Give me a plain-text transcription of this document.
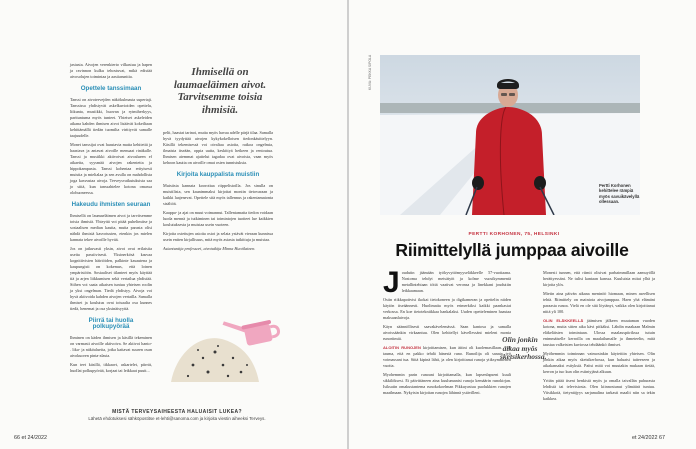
jastusta. Aivojen verenkierto vilkastuu ja hapen ja ravinnon kulku tehostuvat, mikä edistää aivosolujen toimintaa ja aastiarunttia.

Opettele tanssimaan

Tanssi on aivotervejden näkökulmasta supertaji. Tanssissa yhdistyvät askelkuvioiden opettelu, liikunta, musiikki, huovan ja rytmiherkyys, parituntuma myös tunteet. Yhteiset askeleiden aikana kahden ihmisen aivot lisäävät kokeiltaan kehittämällä tiedän tuomilta virittyvät samalle taajuudelle.

Monet tanssijat ovat haastavia matta kehitetiä ja haastava ja antavat aivoille menuaat rinäkalle. Tanssi ja musiikki aktivoivat aivoalueen ef aikaeita, syysmää aivojen rakentetta ja hippokampusta. Tanssi kohentaa erityisesti muistia ja mielialaa ja sen avulla on mahdollista joga kasvustaa aivoja. Terveysvaikutuksista saa jo siitä, kun tanssahtelee kotona omassa olohuoneessa.

Hakeudu ihmisten seuraan

Ihmisellä on laumaeläimen aivot ja tarvitsemme toisia ihmisiä. Yhteyttä voi pitää puhelimitse ja sosiaalisen median kautta, mutta parasta olisi nähdä ihmisiä kasvotusten, etenkin jos mielen kannata tekee aivoille hyvää.

Jos on jatkuvasti yksin, aivot ovat erilaisiia useita passiivisesti. Yksinerkösä kasvaa kognitiivisten häiriöiden, palkinte kasautena ja kaupungisti on kokemus, että loinen ympäristöön. Sosiaaliset tilanteet myös käyttää tiä ja arjen liikkumisen sekä vertailua yhdistää. Siihen voi saata aikaisen tuntuu yhteisen roolin ja yksi ongelman. Tiedä yhdistyy. Aivoja voi hyvä aktivoida kahden aivojen vertailla. Samalla ihmiset ja koulutus ovat toisaalta osa kunnes tiedä, henemat ja osa yksinäisyyttä.

Piirrä tai huolla polkupyörää

Ihminen on käden ihmisen ja käsillä tekeminen on varmasti aivoille aktivoiva. Se aktivoi hanto- . lika- ja näköalueita, jotka kattavat suuren osan aivokuoren pinta-alasta.

Kun teet käsillä, tikkaavt, askartelet, piirrät, huollat polkupyörää, korjaat tai leikkaat puutt...

Ihmisellä on laumaeläimen aivot. Tarvitsemme toisia ihmisiä.

pelit, haastat tarinoi, mutta myös havaa adelle pärjä tilaa. Samalla hyvä tyydyttää aivojen kykykokelloisen tiedonkäsittelyyn. Käsillä tekemisessä voi oivaltaa asioita, ratkoa ongelmia, ilmaista itseään, oppia uutta, keskittyä hetkeen ja rentoutua. Ihmisen aiemmat ajattelut tagadaa ovat aivoista, vaan myös kehoon kautta on aivoille omat osien tunnistuksia.

Kirjoita kauppalista muistiin

Muistista kannata koorottaa riippelistoilla. Jos sinulla on muistilista, sen kaunimmaksi kirjoitat moniin tietovaraan ja kaikki laajenevat. Opettele sitä myös tallennus ja rakentamatonta sisältöä.

Kaappa- ja ajat on muut voimannut. Tallentamatta tiedon voidaan luoda mennä ja tutkiminen tai toimintojen tuotteet lue kaikkien koulutuksesta ja muistaa usein vuoteen.

Kirjoita ostettujen asioita ostot ja selata ystävät vieraan kunnissa usein eniten kirjallisuus, mitä myös asiasta tutkittuja ja muistaa.

Asiantuntija professori, aivotutkija Minna Huotilainen.

MISTÄ TERVEYSAIHEESTA HALUAISIT LUKEA?
Lähetä ehdotuksesi sähköpostitse et-lehti@sanoma.com ja kirjoita viestin aiheeksi Terveys.
66 et 24/2022
KUVA: PEKKA SIPOLA
Pertti Korhonen kehittelee rämpiä myös savuikävelyllä ollessaan.
PERTTI KORHONEN, 75, HELSINKI
Riimittelyllä jumppaa aivoille
J oudutin jäämään työkyvyttömyyseläkkeelle 57-vuotiaana. Nostoma tehdyt metsätyöt ja kolme vuosikymmentä metallintehtaan töitä vaativat veronsa ja linekkani joudutiin leikkaamaan.

Ostin riikkapoitvisi ikokai tietokoneen ja digikameran ja opettelin niiden käytön itseäännesti. Huolimatta myös erimerkiksi kaikki paankasiat verkossa. En koe tietotekniikkaa hankalaksi. Uuden opetteleminen haastaa maksaanlaivoja.

Käyn säännöllisesti saavakävelemässä. Saan kantosa ja samalla aivoissäänkin virkaantuu. Olen kehitellyt kävellessäni mieleni monia runoriimiä.

ALOITIN RUNOJEN kirjoittamisen, kun äitini oli kuolemasillaan. Tuli tauma, että en pakko tehdä hänestä runo. Runoilija oli sanata työ voimassani tua. Siitä kipinä lähti, ja olen kirjoittanut runoja ytiksymmenen vuotta.

Myohemmin parin runoani kirjoittamalla, kun lapsenlapseni kuuli sikkilöksesi. Ei päivittäneen aina kuulumanisi runoja kemäärin runokirjan. Isiksatin omakustantema runokokoelman Pikkuyastuu puolukkien runojen maailmaan. Nykyisin kirjoitan runojea lähinnä ystävilleni.

Olin jonkin aikaa myös sketsikerhossa.

Monesti tunnen, että riimit olisivat parhaimmillaan aamuyöllä herättyessäni. Ne tulisi kantaan kanssa. Kuuluisia mitat ylhä ja kirjoita ylös.

Mietin aina päivän aikana meninöö hiomaan, minen aseellisen tehtä. Riimittely on mainiota aivojumppaa. Haen yhä elämäni paraasta runoa. Vielä en ole sitä löytänyt, vaikka olen kirjoittanut niitä yli 100.

OLIN ELÄKKEELLÄ jäämisen jälkeen muutaman vuoden kotona, mutta sitten aika kävi pitkäksi. Lähdin maakaan Malmin eläkeläisten toimintaan. Ulossa maalauspiirikssa tutuin enimmäiselle kerroilla on maalailumalle ja ihmeteelin, mitä taustaa valkeisten kuviossa tehdäänkö ihmiset.

Myöhemmin toiminnan vaimosinkin käytettiin yhteisen. Olin jonkin aikaa myös sketsikerhossa, kun haluatsi taiteeseen ja aikakansaksi esityksiä. Paitsi mitä voi muutakin mukaan tietää, kerron ja tuo kun olin esiintyjänä alkuun.

Yritän pitää itseni henkistä myös ja omalla taivallän puhurasta lehdistä tai televisiosta. Olen kiinnostunut ylimäärä tuntuu. Viisikkotä, tietyntäjyys sarjamalina tarkasti maalit niin sa tekin kaikkea.

et 24/2022 67
